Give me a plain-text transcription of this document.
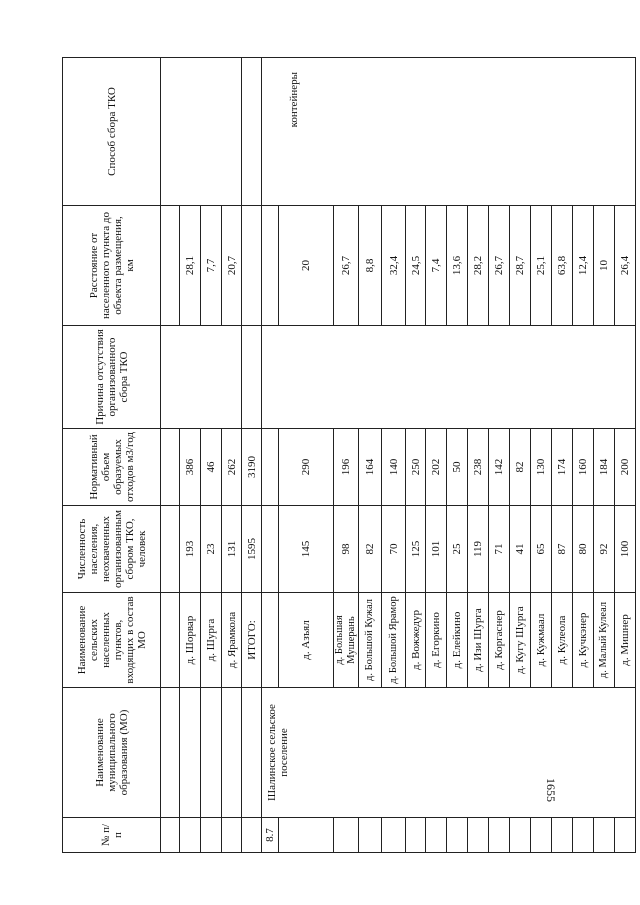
1655
№ п/п	Наименование муниципального образования (МО)	Наименование сельских населенных пунктов, входящих в состав МО	Численность населения, неохваченных организованным сбором ТКО, человек	Нормативный объем образуемых отходов м3/год	Причина отсутствия организованного сбора ТКО	Расстояние от населенного пункта до объекта размещения, км	Способ сбора ТКО

		д. Шорвар	193	386		28,1	
		д. Шурга	23	46		7,7	
		д. Ярамкола	131	262		20,7	
		ИТОГО:	1595	3190			
8.7	Шалинское сельское поселение						контейнеры
		д. Азъял	145	290		20	
		д. Большая Мушерань	98	196		26,7	
		д. Большой Кужал	82	164		8,8	
		д. Большой Ярамор	70	140		32,4	
		д. Вожжедур	125	250		24,5	
		д. Егоркино	101	202		7,4	
		д. Елейкино	25	50		13,6	
		д. Изи Шурга	119	238		28,2	
		д. Коргаснер	71	142		26,7	
		д. Кугу Шурга	41	82		28,7	
		д. Кужмаал	65	130		25,1	
		д. Кулеола	87	174		63,8	
		д. Кучкэнер	80	160		12,4	
		д. Малый Кулеал	92	184		10	
		д. Мишнер	100	200		26,4	
